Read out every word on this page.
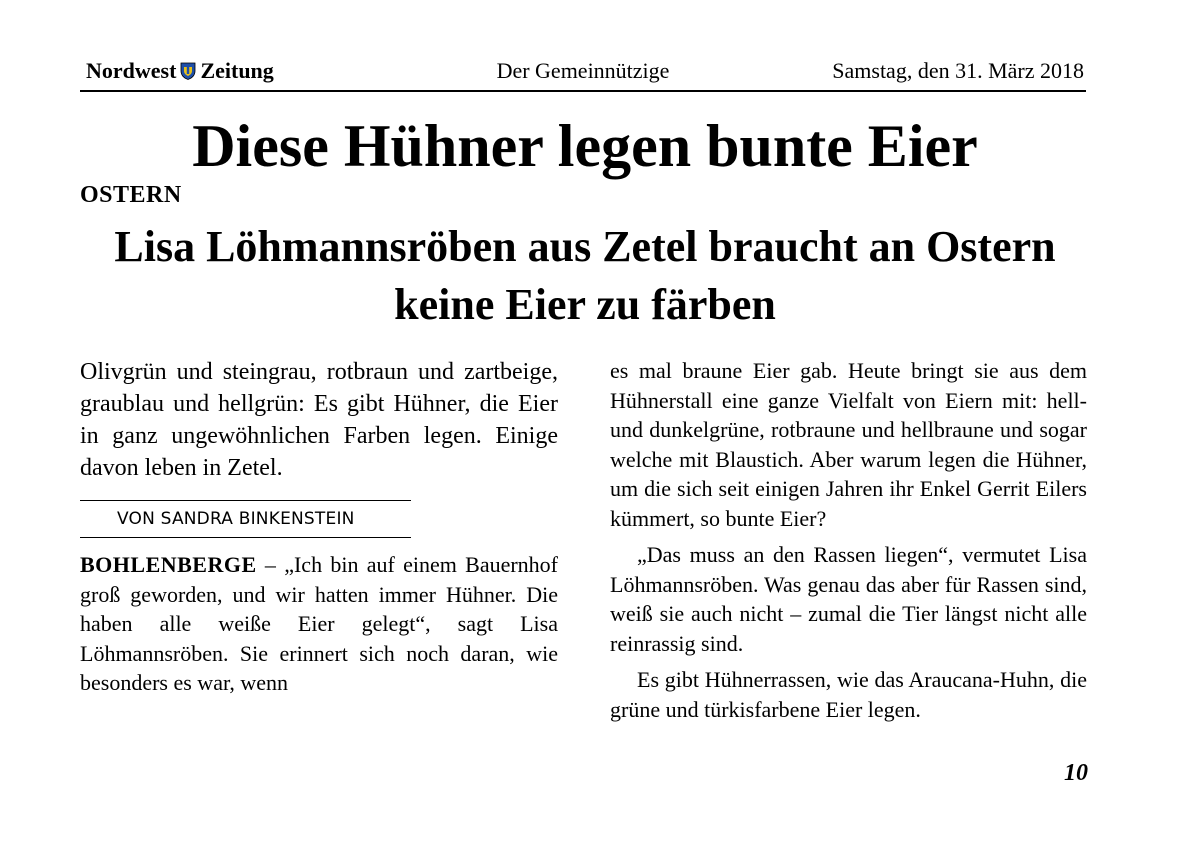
Nordwest Zeitung	Der Gemeinnützige	Samstag, den 31. März 2018
Diese Hühner legen bunte Eier
OSTERN
Lisa Löhmannsröben aus Zetel braucht an Ostern keine Eier zu färben

Olivgrün und steingrau, rotbraun und zartbeige, graublau und hellgrün: Es gibt Hühner, die Eier in ganz ungewöhnlichen Farben legen. Einige davon leben in Zetel.

VON SANDRA BINKENSTEIN

BOHLENBERGE – „Ich bin auf einem Bauernhof groß geworden, und wir hatten immer Hühner. Die haben alle weiße Eier gelegt“, sagt Lisa Löhmannsröben. Sie erinnert sich noch daran, wie besonders es war, wenn

es mal braune Eier gab. Heute bringt sie aus dem Hühnerstall eine ganze Vielfalt von Eiern mit: hell- und dunkelgrüne, rotbraune und hellbraune und sogar welche mit Blaustich. Aber warum legen die Hühner, um die sich seit einigen Jahren ihr Enkel Gerrit Eilers kümmert, so bunte Eier?

„Das muss an den Rassen liegen“, vermutet Lisa Löhmannsröben. Was genau das aber für Rassen sind, weiß sie auch nicht – zumal die Tier längst nicht alle reinrassig sind.

Es gibt Hühnerrassen, wie das Araucana-Huhn, die grüne und türkisfarbene Eier legen.

10
